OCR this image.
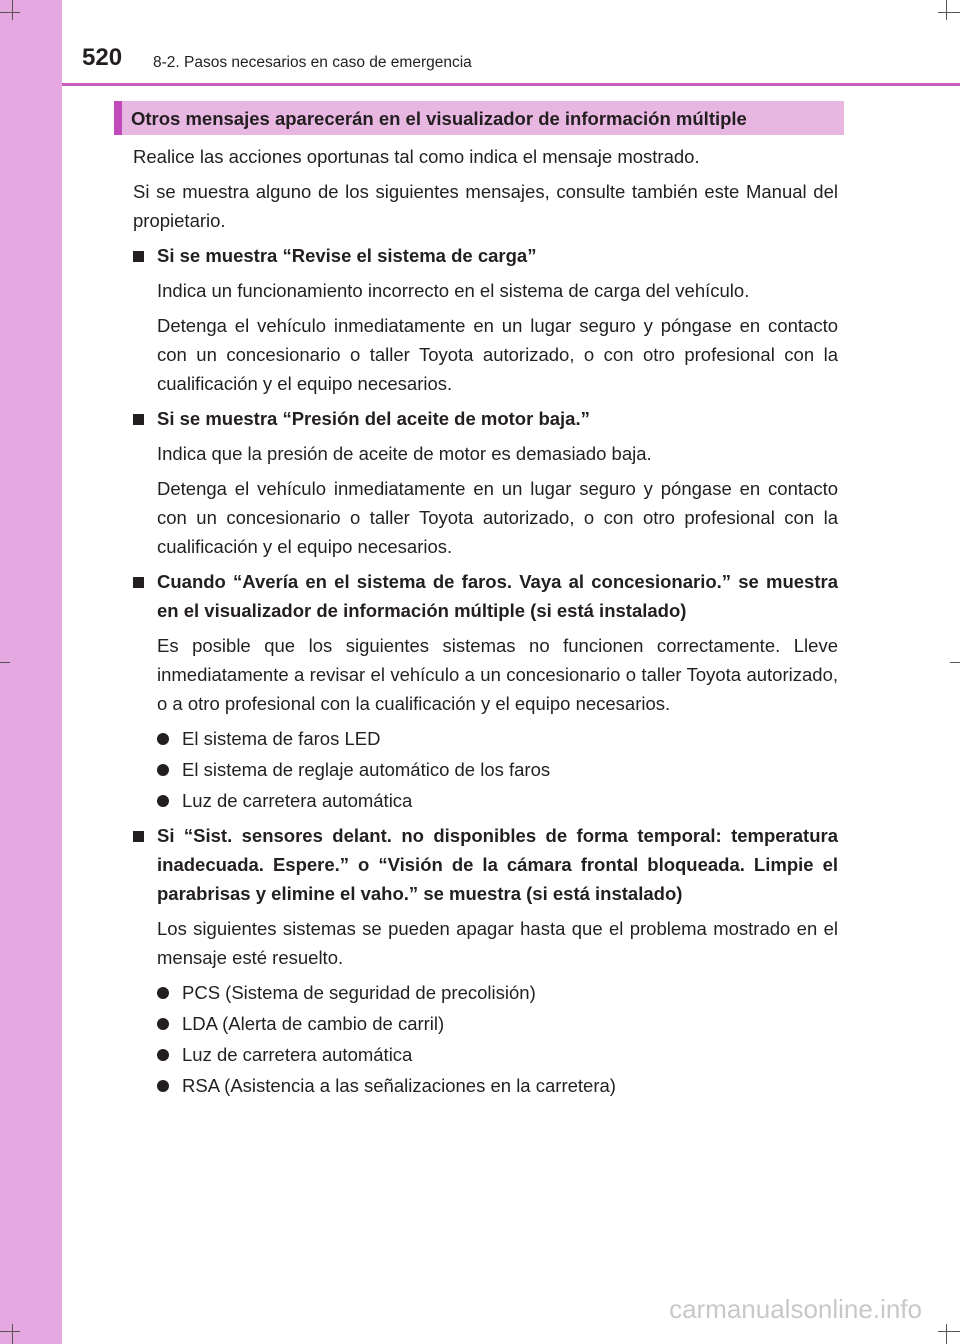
520 8-2. Pasos necesarios en caso de emergencia
Otros mensajes aparecerán en el visualizador de información múltiple

Realice las acciones oportunas tal como indica el mensaje mostrado.

Si se muestra alguno de los siguientes mensajes, consulte también este Manual del propietario.

Si se muestra “Revise el sistema de carga”

Indica un funcionamiento incorrecto en el sistema de carga del vehículo.

Detenga el vehículo inmediatamente en un lugar seguro y póngase en contacto con un concesionario o taller Toyota autorizado, o con otro profesional con la cualificación y el equipo necesarios.

Si se muestra “Presión del aceite de motor baja.”

Indica que la presión de aceite de motor es demasiado baja.

Detenga el vehículo inmediatamente en un lugar seguro y póngase en contacto con un concesionario o taller Toyota autorizado, o con otro profesional con la cualificación y el equipo necesarios.

Cuando “Avería en el sistema de faros. Vaya al concesionario.” se muestra en el visualizador de información múltiple (si está instalado)

Es posible que los siguientes sistemas no funcionen correctamente. Lleve inmediatamente a revisar el vehículo a un concesionario o taller Toyota autorizado, o a otro profesional con la cualificación y el equipo necesarios.

El sistema de faros LED
El sistema de reglaje automático de los faros
Luz de carretera automática
Si “Sist. sensores delant. no disponibles de forma temporal: temperatura inadecuada. Espere.” o “Visión de la cámara frontal bloqueada. Limpie el parabrisas y elimine el vaho.” se muestra (si está instalado)

Los siguientes sistemas se pueden apagar hasta que el problema mostrado en el mensaje esté resuelto.

PCS (Sistema de seguridad de precolisión)
LDA (Alerta de cambio de carril)
Luz de carretera automática
RSA (Asistencia a las señalizaciones en la carretera)
carmanualsonline.info
